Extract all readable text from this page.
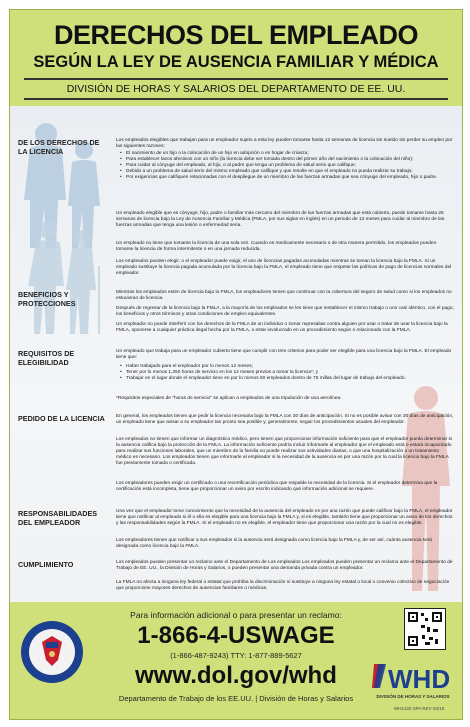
DERECHOS DEL EMPLEADO
SEGÚN LA LEY DE AUSENCIA FAMILIAR Y MÉDICA
DIVISIÓN DE HORAS Y SALARIOS DEL DEPARTAMENTO DE EE. UU.
DE LOS DERECHOS DE LA LICENCIA

Los empleados elegibles que trabajan para un empleador sujeto a esta ley pueden tomarse hasta 12 semanas de licencia sin sueldo sin perder su empleo por las siguientes razones:

• El nacimiento de un hijo o la colocación de un hijo en adopción o en hogar de crianza;
• Para establecer lazos afectivos con un niño (la licencia debe ser tomada dentro del primer año del nacimiento o la colocación del niño);
• Para cuidar al cónyuge del empleado, al hijo, o al padre que tenga un problema de salud serio que califique;
• Debido a un problema de salud serio del mismo empleado que califique y que resulte en que el empleado no pueda realizar su trabajo;
• Por exigencias que califiquen relacionadas con el despliegue de un miembro de las fuerzas armadas que sea cónyuge del empleado, hijo o padre.

Un empleado elegible que es cónyuge, hijo, padre o familiar más cercano del miembro de las fuerzas armadas que está cubierto, puede tomarse hasta 26 semanas de licencia bajo la Ley de Ausencia Familiar y Médica (FMLA, por sus siglas en inglés) en un periodo de 12 meses para cuidar al miembro de las fuerzas armadas que tenga una lesión o enfermedad seria.

Un empleado no tiene que tomarse la licencia de una sola vez. Cuando es medicamente necesario o de otra manera permitido, los empleados pueden tomarse la licencia de forma intermitente o en una jornada reducida.

Los empleados pueden elegir, o el empleador puede exigir, el uso de licencias pagadas acumuladas mientras se toman la licencia bajo la FMLA. Si un empleado sustituye la licencia pagada acumulada por la licencia bajo la FMLA, el empleado tiene que respetar las políticas de pago de licencias normales del empleador.

BENEFICIOS Y PROTECCIONES

Mientras los empleados estén de licencia bajo la FMLA, los empleadores tienen que continuar con la cobertura del seguro de salud como si los empleados no estuvieran de licencia.

Después de regresar de la licencia bajo la FMLA, a la mayoría de los empleados se les tiene que restablecer el mismo trabajo o uno casi idéntico, con el pago, los beneficios y otros términos y otras condiciones de empleo equivalentes.

Un empleador no puede interferir con los derechos de la FMLA de un individuo o tomar represalias contra alguien por usar o tratar de usar la licencia bajo la FMLA, oponerse a cualquier práctica ilegal hecha por la FMLA, o estar involucrado en un procedimiento según o relacionado con la FMLA.

REQUISITOS DE ELEGIBILIDAD

Un empleado que trabaja para un empleador cubierto tiene que cumplir con tres criterios para poder ser elegible para una licencia bajo la FMLA. El empleado tiene que:

• Haber trabajado para el empleador por lo menos 12 meses;
• Tener por lo menos 1,250 horas de servicio en los 12 meses previos a tomar la licencia*; y
• Trabajar en el lugar donde el empleador tiene en por lo menos 50 empleados dentro de 75 millas del lugar de trabajo del empleado.

*Requisitos especiales de "horas de servicio" se aplican a empleados de una tripulación de una aerolínea.

PEDIDO DE LA LICENCIA	En general, los empleados tienen que pedir la licencia necesaria bajo la FMLA con 30 días de anticipación. Si no es posible avisar con 30 días de anticipación, un empleado tiene que avisar a su empleador tan pronto sea posible y, generalmente, seguir los procedimientos usuales del empleador.

Los empleados no tienen que informar un diagnóstico médico, pero tienen que proporcionar información suficiente para que el empleador pueda determinar si la ausencia califica bajo la protección de la FMLA. La información suficiente podría incluir informarle al empleador que el empleado está o estará incapacitado para realizar sus funciones laborales, que un miembro de la familia no puede realizar sus actividades diarias, o que una hospitalización o un tratamiento médico es necesario. Los empleados tienen que informarle al empleador si la necesidad de la ausencia es por una razón por la cual la licencia bajo la FMLA fue previamente tomada o certificada.

Los empleadores pueden exigir un certificado o una recertificación periódica que respalde la necesidad de la licencia. Si el empleador determina que la certificación está incompleta, tiene que proporcionar un aviso por escrito indicando qué información adicional se requiere.

RESPONSABILIDADES DEL EMPLEADOR

Una vez que el empleador tome conocimiento que la necesidad de la ausencia del empleado es por una razón que puede calificar bajo la FMLA, el empleador tiene que notificar al empleado si él o ella es elegible para una licencia bajo la FMLA y, si es elegible, también tiene que proporcionar un aviso de los derechos y las responsabilidades según la FMLA. Si el empleado no es elegible, el empleador tiene que proporcionar una razón por la cual no es elegible.

Los empleadores tienen que notificar a sus empleados si la ausencia será designada como licencia bajo la FMLA y, de ser así, cuánta ausencia será designada como licencia bajo la FMLA.

CUMPLIMIENTO	Los empleados pueden presentar un reclamo ante el Departamento de Los empleados Los empleados pueden presentar un reclamo ante el Departamento de Trabajo de EE. UU., la División de Horas y Salarios, o pueden presentar una demanda privada contra un empleador.

La FMLA no afecta a ninguna ley federal o estatal que prohíba la discriminación ni sustituye a ninguna ley estatal o local o convenio colectivo de negociación que proporcione mayores derechos de ausencias familiares o médicas.

Para información adicional o para presentar un reclamo:
1-866-4-USWAGE
(1-866-487-9243) TTY: 1-877-889-5627
www.dol.gov/whd
Departamento de Trabajo de los EE.UU. | División de Horas y Salarios
WHD
DIVISIÓN DE HORAS Y SALARIOS
WH1420 SPA REV 04/16
